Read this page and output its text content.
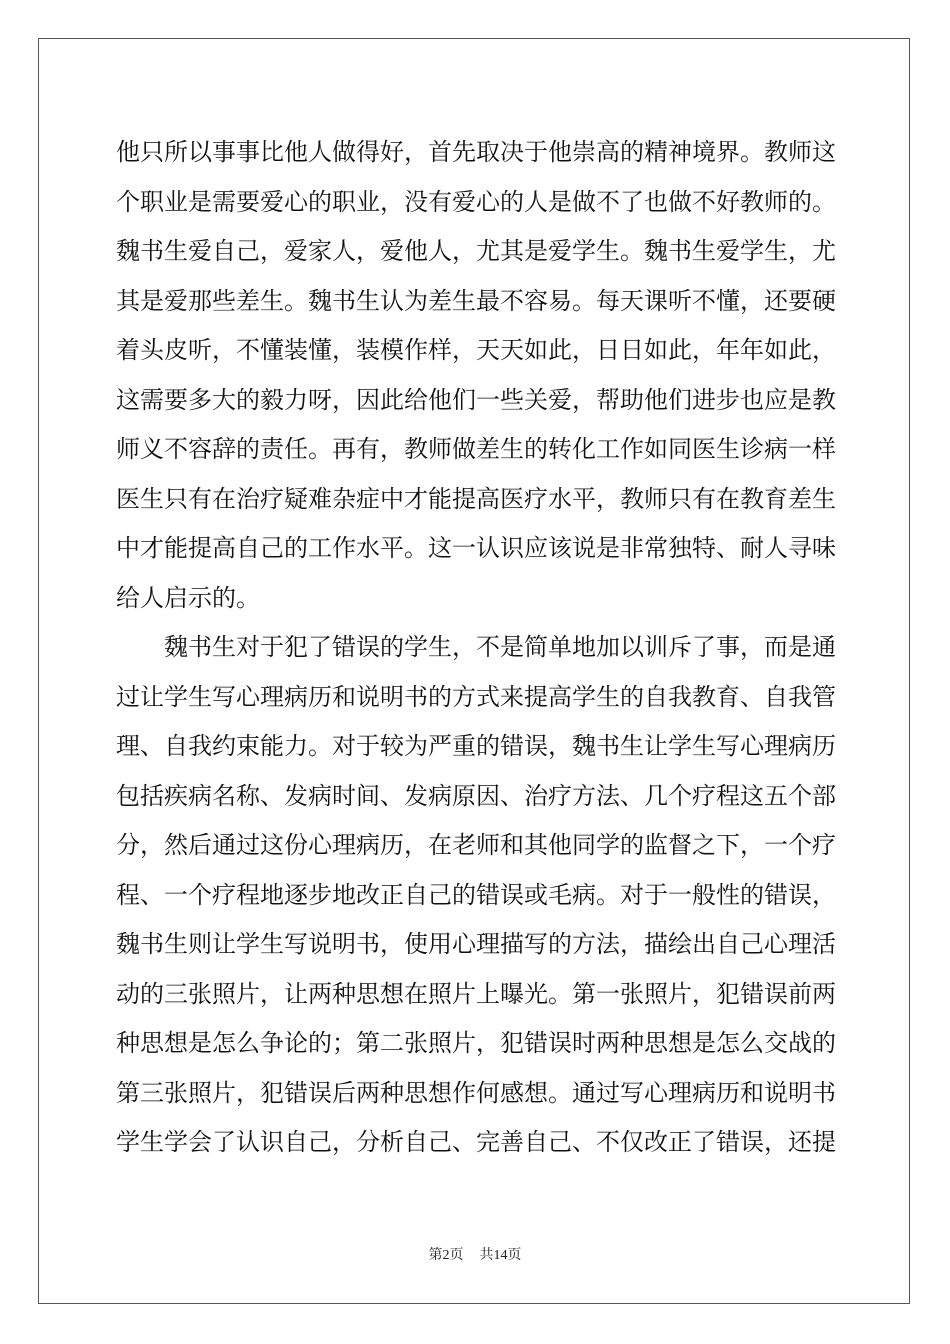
他只所以事事比他人做得好，首先取决于他崇高的精神境界。教师这
个职业是需要爱心的职业，没有爱心的人是做不了也做不好教师的。
魏书生爱自己，爱家人，爱他人，尤其是爱学生。魏书生爱学生，尤
其是爱那些差生。魏书生认为差生最不容易。每天课听不懂，还要硬
着头皮听，不懂装懂，装模作样，天天如此，日日如此，年年如此，
这需要多大的毅力呀，因此给他们一些关爱，帮助他们进步也应是教
师义不容辞的责任。再有，教师做差生的转化工作如同医生诊病一样
医生只有在治疗疑难杂症中才能提高医疗水平，教师只有在教育差生
中才能提高自己的工作水平。这一认识应该说是非常独特、耐人寻味
给人启示的。
魏书生对于犯了错误的学生，不是简单地加以训斥了事，而是通
过让学生写心理病历和说明书的方式来提高学生的自我教育、自我管
理、自我约束能力。对于较为严重的错误，魏书生让学生写心理病历
包括疾病名称、发病时间、发病原因、治疗方法、几个疗程这五个部
分，然后通过这份心理病历，在老师和其他同学的监督之下，一个疗
程、一个疗程地逐步地改正自己的错误或毛病。对于一般性的错误，
魏书生则让学生写说明书，使用心理描写的方法，描绘出自己心理活
动的三张照片，让两种思想在照片上曝光。第一张照片，犯错误前两
种思想是怎么争论的；第二张照片，犯错误时两种思想是怎么交战的
第三张照片，犯错误后两种思想作何感想。通过写心理病历和说明书
学生学会了认识自己，分析自己、完善自己、不仅改正了错误，还提
第2页 共14页
